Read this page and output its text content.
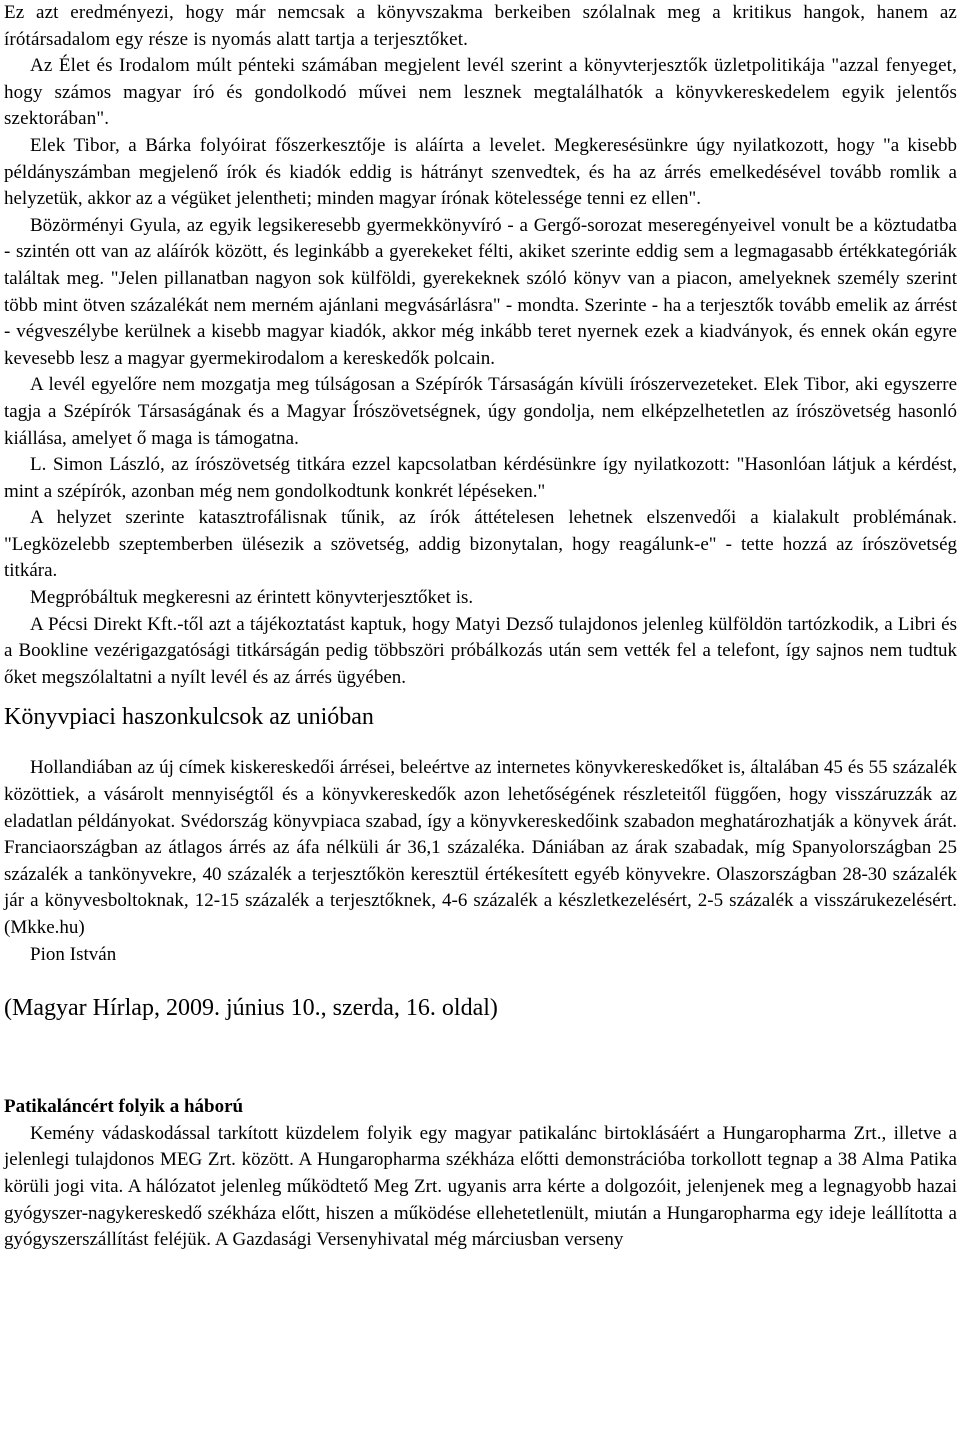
Ez azt eredményezi, hogy már nemcsak a könyvszakma berkeiben szólalnak meg a kritikus hangok, hanem az írótársadalom egy része is nyomás alatt tartja a terjesztőket.

Az Élet és Irodalom múlt pénteki számában megjelent levél szerint a könyvterjesztők üzletpolitikája "azzal fenyeget, hogy számos magyar író és gondolkodó művei nem lesznek megtalálhatók a könyvkereskedelem egyik jelentős szektorában".

Elek Tibor, a Bárka folyóirat főszerkesztője is aláírta a levelet. Megkeresésünkre úgy nyilatkozott, hogy "a kisebb példányszámban megjelenő írók és kiadók eddig is hátrányt szenvedtek, és ha az árrés emelkedésével tovább romlik a helyzetük, akkor az a végüket jelentheti; minden magyar írónak kötelessége tenni ez ellen".

Bözörményi Gyula, az egyik legsikeresebb gyermekkönyvíró - a Gergő-sorozat meseregényeivel vonult be a köztudatba - szintén ott van az aláírók között, és leginkább a gyerekeket félti, akiket szerinte eddig sem a legmagasabb értékkategóriák találtak meg. "Jelen pillanatban nagyon sok külföldi, gyerekeknek szóló könyv van a piacon, amelyeknek személy szerint több mint ötven százalékát nem merném ajánlani megvásárlásra" - mondta. Szerinte - ha a terjesztők tovább emelik az árrést - végveszélybe kerülnek a kisebb magyar kiadók, akkor még inkább teret nyernek ezek a kiadványok, és ennek okán egyre kevesebb lesz a magyar gyermekirodalom a kereskedők polcain.

A levél egyelőre nem mozgatja meg túlságosan a Szépírók Társaságán kívüli írószervezeteket. Elek Tibor, aki egyszerre tagja a Szépírók Társaságának és a Magyar Írószövetségnek, úgy gondolja, nem elképzelhetetlen az írószövetség hasonló kiállása, amelyet ő maga is támogatna.

L. Simon László, az írószövetség titkára ezzel kapcsolatban kérdésünkre így nyilatkozott: "Hasonlóan látjuk a kérdést, mint a szépírók, azonban még nem gondolkodtunk konkrét lépéseken."

A helyzet szerinte katasztrofálisnak tűnik, az írók áttételesen lehetnek elszenvedői a kialakult problémának. "Legközelebb szeptemberben ülésezik a szövetség, addig bizonytalan, hogy reagálunk-e" - tette hozzá az írószövetség titkára.

Megpróbáltuk megkeresni az érintett könyvterjesztőket is.

A Pécsi Direkt Kft.-től azt a tájékoztatást kaptuk, hogy Matyi Dezső tulajdonos jelenleg külföldön tartózkodik, a Libri és a Bookline vezérigazgatósági titkárságán pedig többszöri próbálkozás után sem vették fel a telefont, így sajnos nem tudtuk őket megszólaltatni a nyílt levél és az árrés ügyében.

Könyvpiaci haszonkulcsok az unióban

Hollandiában az új címek kiskereskedői árrései, beleértve az internetes könyvkereskedőket is, általában 45 és 55 százalék közöttiek, a vásárolt mennyiségtől és a könyvkereskedők azon lehetőségének részleteitől függően, hogy visszáruzzák az eladatlan példányokat. Svédország könyvpiaca szabad, így a könyvkereskedőink szabadon meghatározhatják a könyvek árát. Franciaországban az átlagos árrés az áfa nélküli ár 36,1 százaléka. Dániában az árak szabadak, míg Spanyolországban 25 százalék a tankönyvekre, 40 százalék a terjesztőkön keresztül értékesített egyéb könyvekre. Olaszországban 28-30 százalék jár a könyvesboltoknak, 12-15 százalék a terjesztőknek, 4-6 százalék a készletkezelésért, 2-5 százalék a visszárukezelésért. (Mkke.hu)

Pion István

(Magyar Hírlap, 2009. június 10., szerda, 16. oldal)

Patikaláncért folyik a háború

Kemény vádaskodással tarkított küzdelem folyik egy magyar patikalánc birtoklásáért a Hungaropharma Zrt., illetve a jelenlegi tulajdonos MEG Zrt. között. A Hungaropharma székháza előtti demonstrációba torkollott tegnap a 38 Alma Patika körüli jogi vita. A hálózatot jelenleg működtető Meg Zrt. ugyanis arra kérte a dolgozóit, jelenjenek meg a legnagyobb hazai gyógyszer-nagykereskedő székháza előtt, hiszen a működése ellehetetlenült, miután a Hungaropharma egy ideje leállította a gyógyszerszállítást feléjük. A Gazdasági Versenyhivatal még márciusban verseny
